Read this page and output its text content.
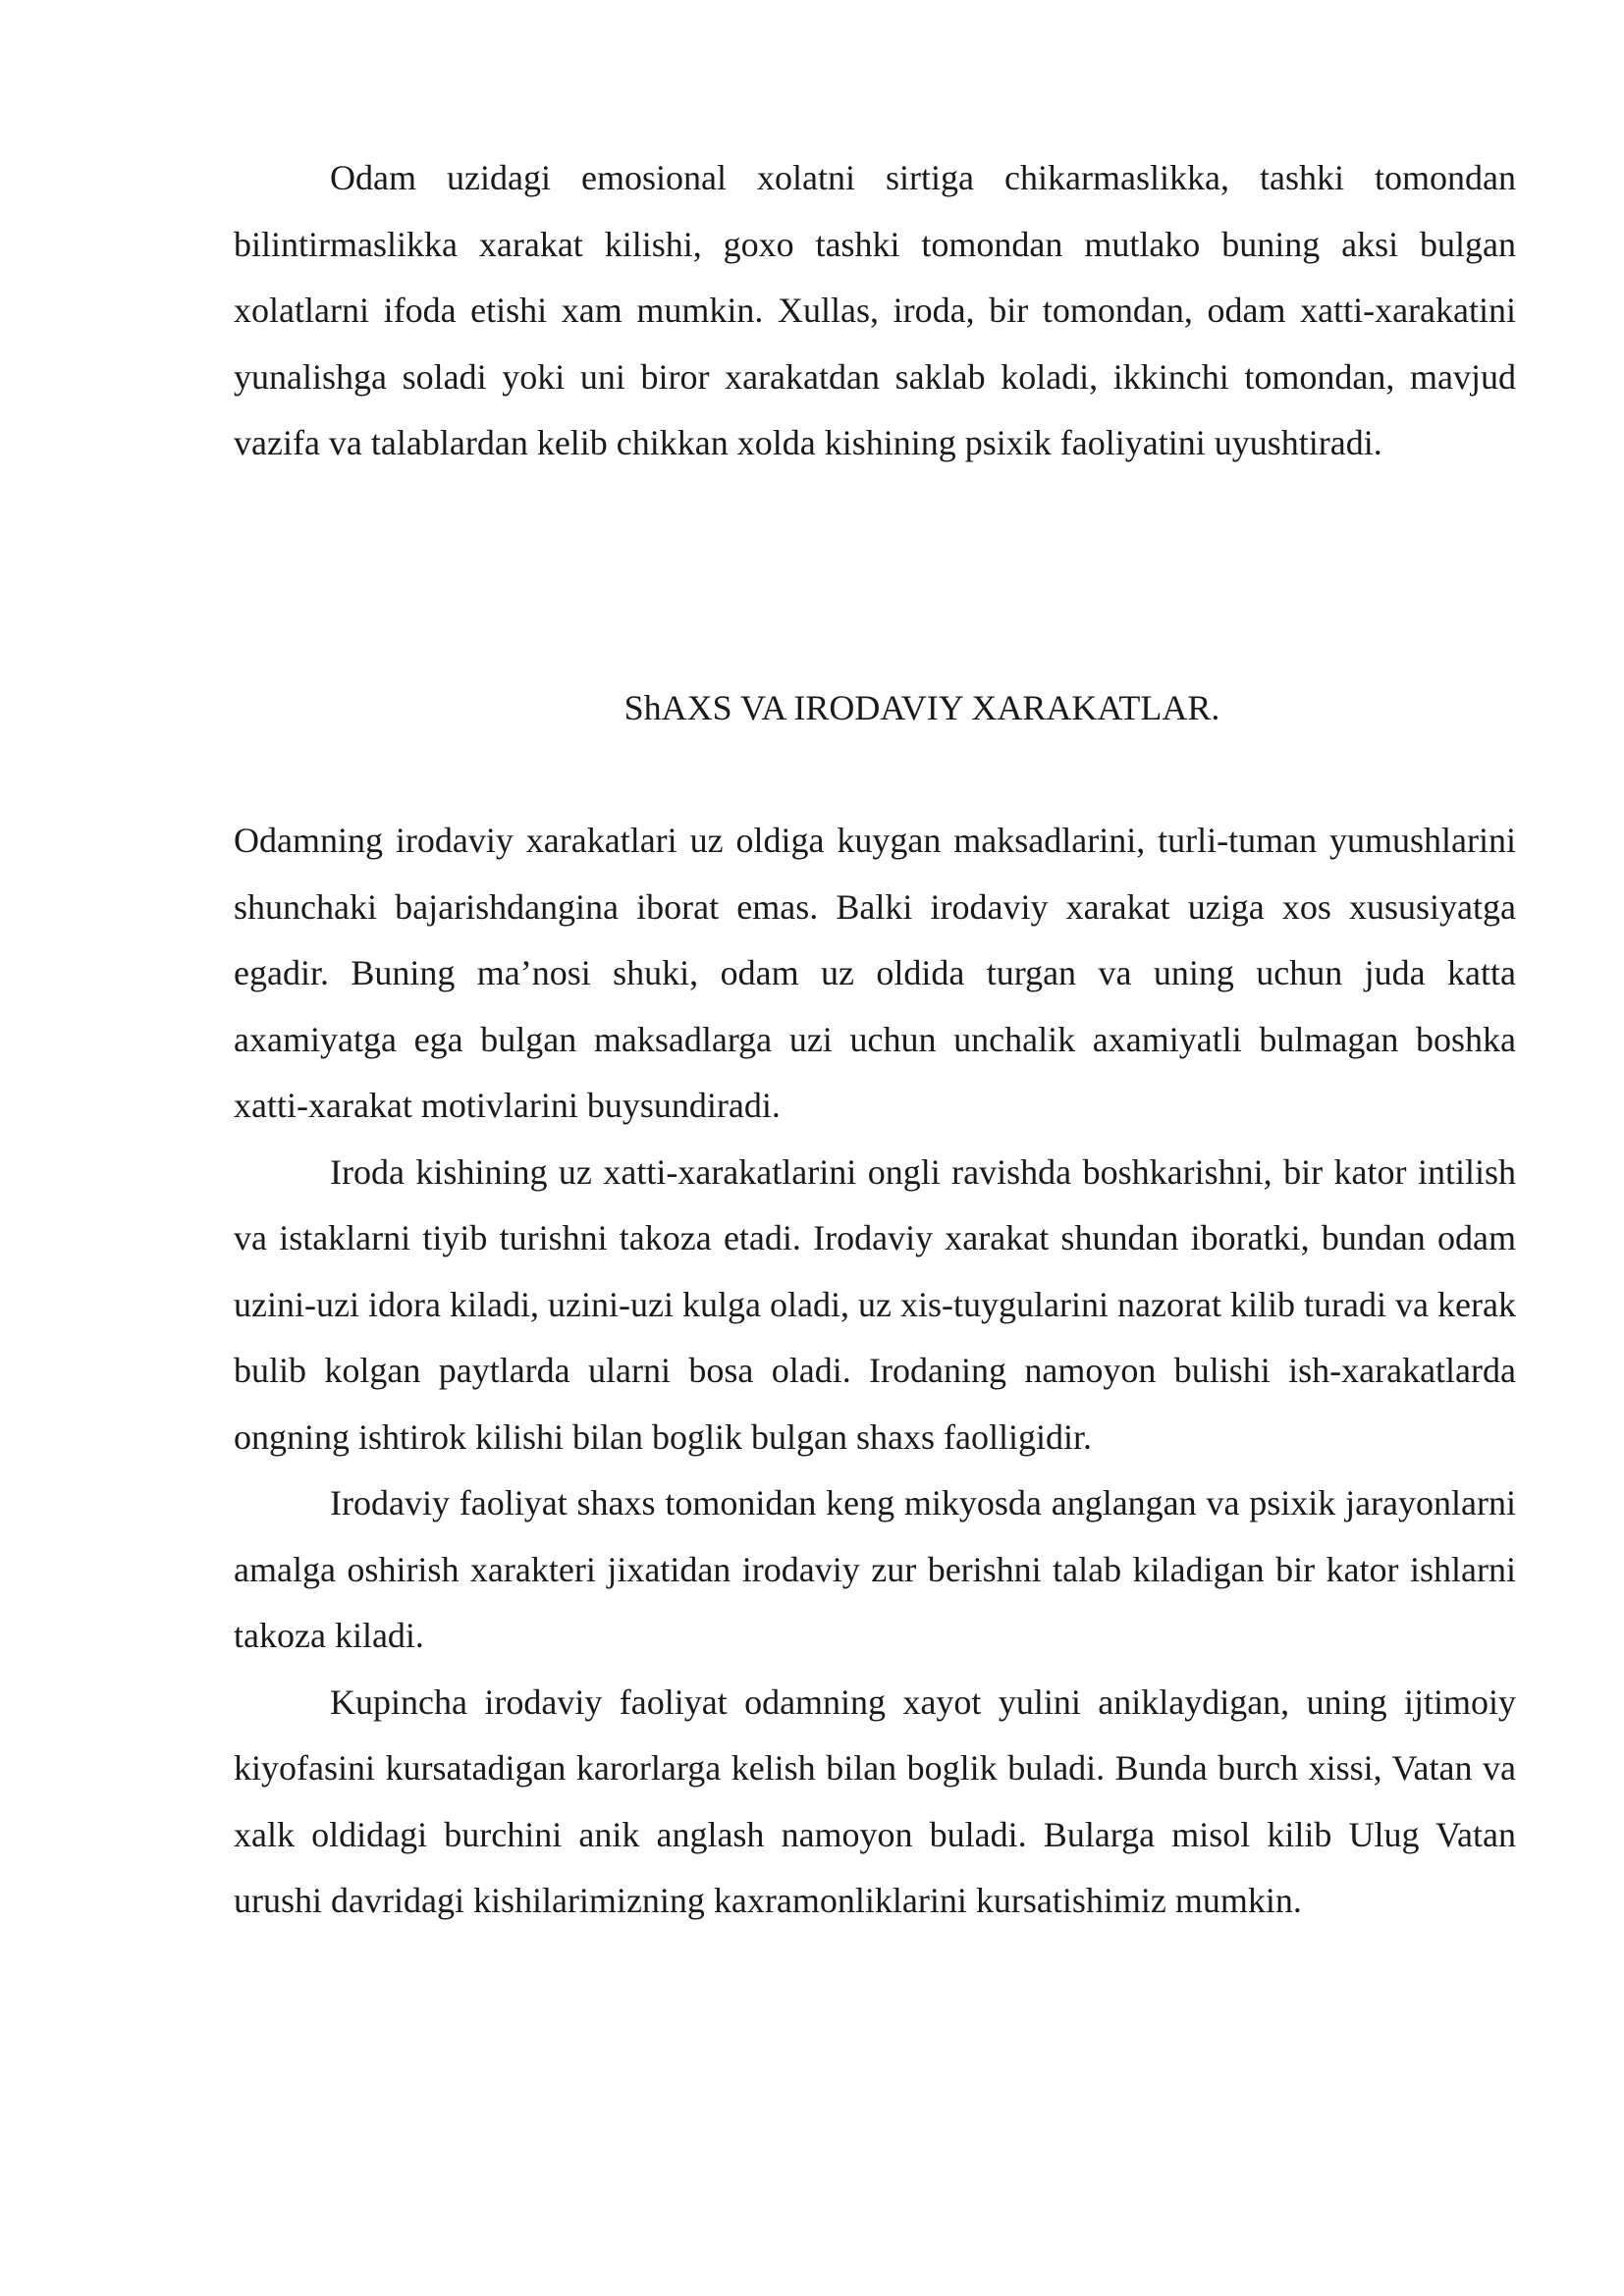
Odam uzidagi emosional xolatni sirtiga chikarmaslikka, tashki tomondan bilintirmaslikka xarakat kilishi, goxo tashki tomondan mutlako buning aksi bulgan xolatlarni ifoda etishi xam mumkin. Xullas, iroda, bir tomondan, odam xatti-xarakatini yunalishga soladi yoki uni biror xarakatdan saklab koladi, ikkinchi tomondan, mavjud vazifa va talablardan kelib chikkan xolda kishining psixik faoliyatini uyushtiradi.

ShAXS VA IRODAVIY XARAKATLAR.

Odamning irodaviy xarakatlari uz oldiga kuygan maksadlarini, turli-tuman yumushlarini shunchaki bajarishdangina iborat emas. Balki irodaviy xarakat uziga xos xususiyatga egadir. Buning ma’nosi shuki, odam uz oldida turgan va uning uchun juda katta axamiyatga ega bulgan maksadlarga uzi uchun unchalik axamiyatli bulmagan boshka xatti-xarakat motivlarini buysundiradi.

Iroda kishining uz xatti-xarakatlarini ongli ravishda boshkarishni, bir kator intilish va istaklarni tiyib turishni takoza etadi. Irodaviy xarakat shundan iboratki, bundan odam uzini-uzi idora kiladi, uzini-uzi kulga oladi, uz xis-tuygularini nazorat kilib turadi va kerak bulib kolgan paytlarda ularni bosa oladi. Irodaning namoyon bulishi ish-xarakatlarda ongning ishtirok kilishi bilan boglik bulgan shaxs faolligidir.

Irodaviy faoliyat shaxs tomonidan keng mikyosda anglangan va psixik jarayonlarni amalga oshirish xarakteri jixatidan irodaviy zur berishni talab kiladigan bir kator ishlarni takoza kiladi.

Kupincha irodaviy faoliyat odamning xayot yulini aniklaydigan, uning ijtimoiy kiyofasini kursatadigan karorlarga kelish bilan boglik buladi. Bunda burch xissi, Vatan va xalk oldidagi burchini anik anglash namoyon buladi. Bularga misol kilib Ulug Vatan urushi davridagi kishilarimizning kaxramonliklarini kursatishimiz mumkin.
